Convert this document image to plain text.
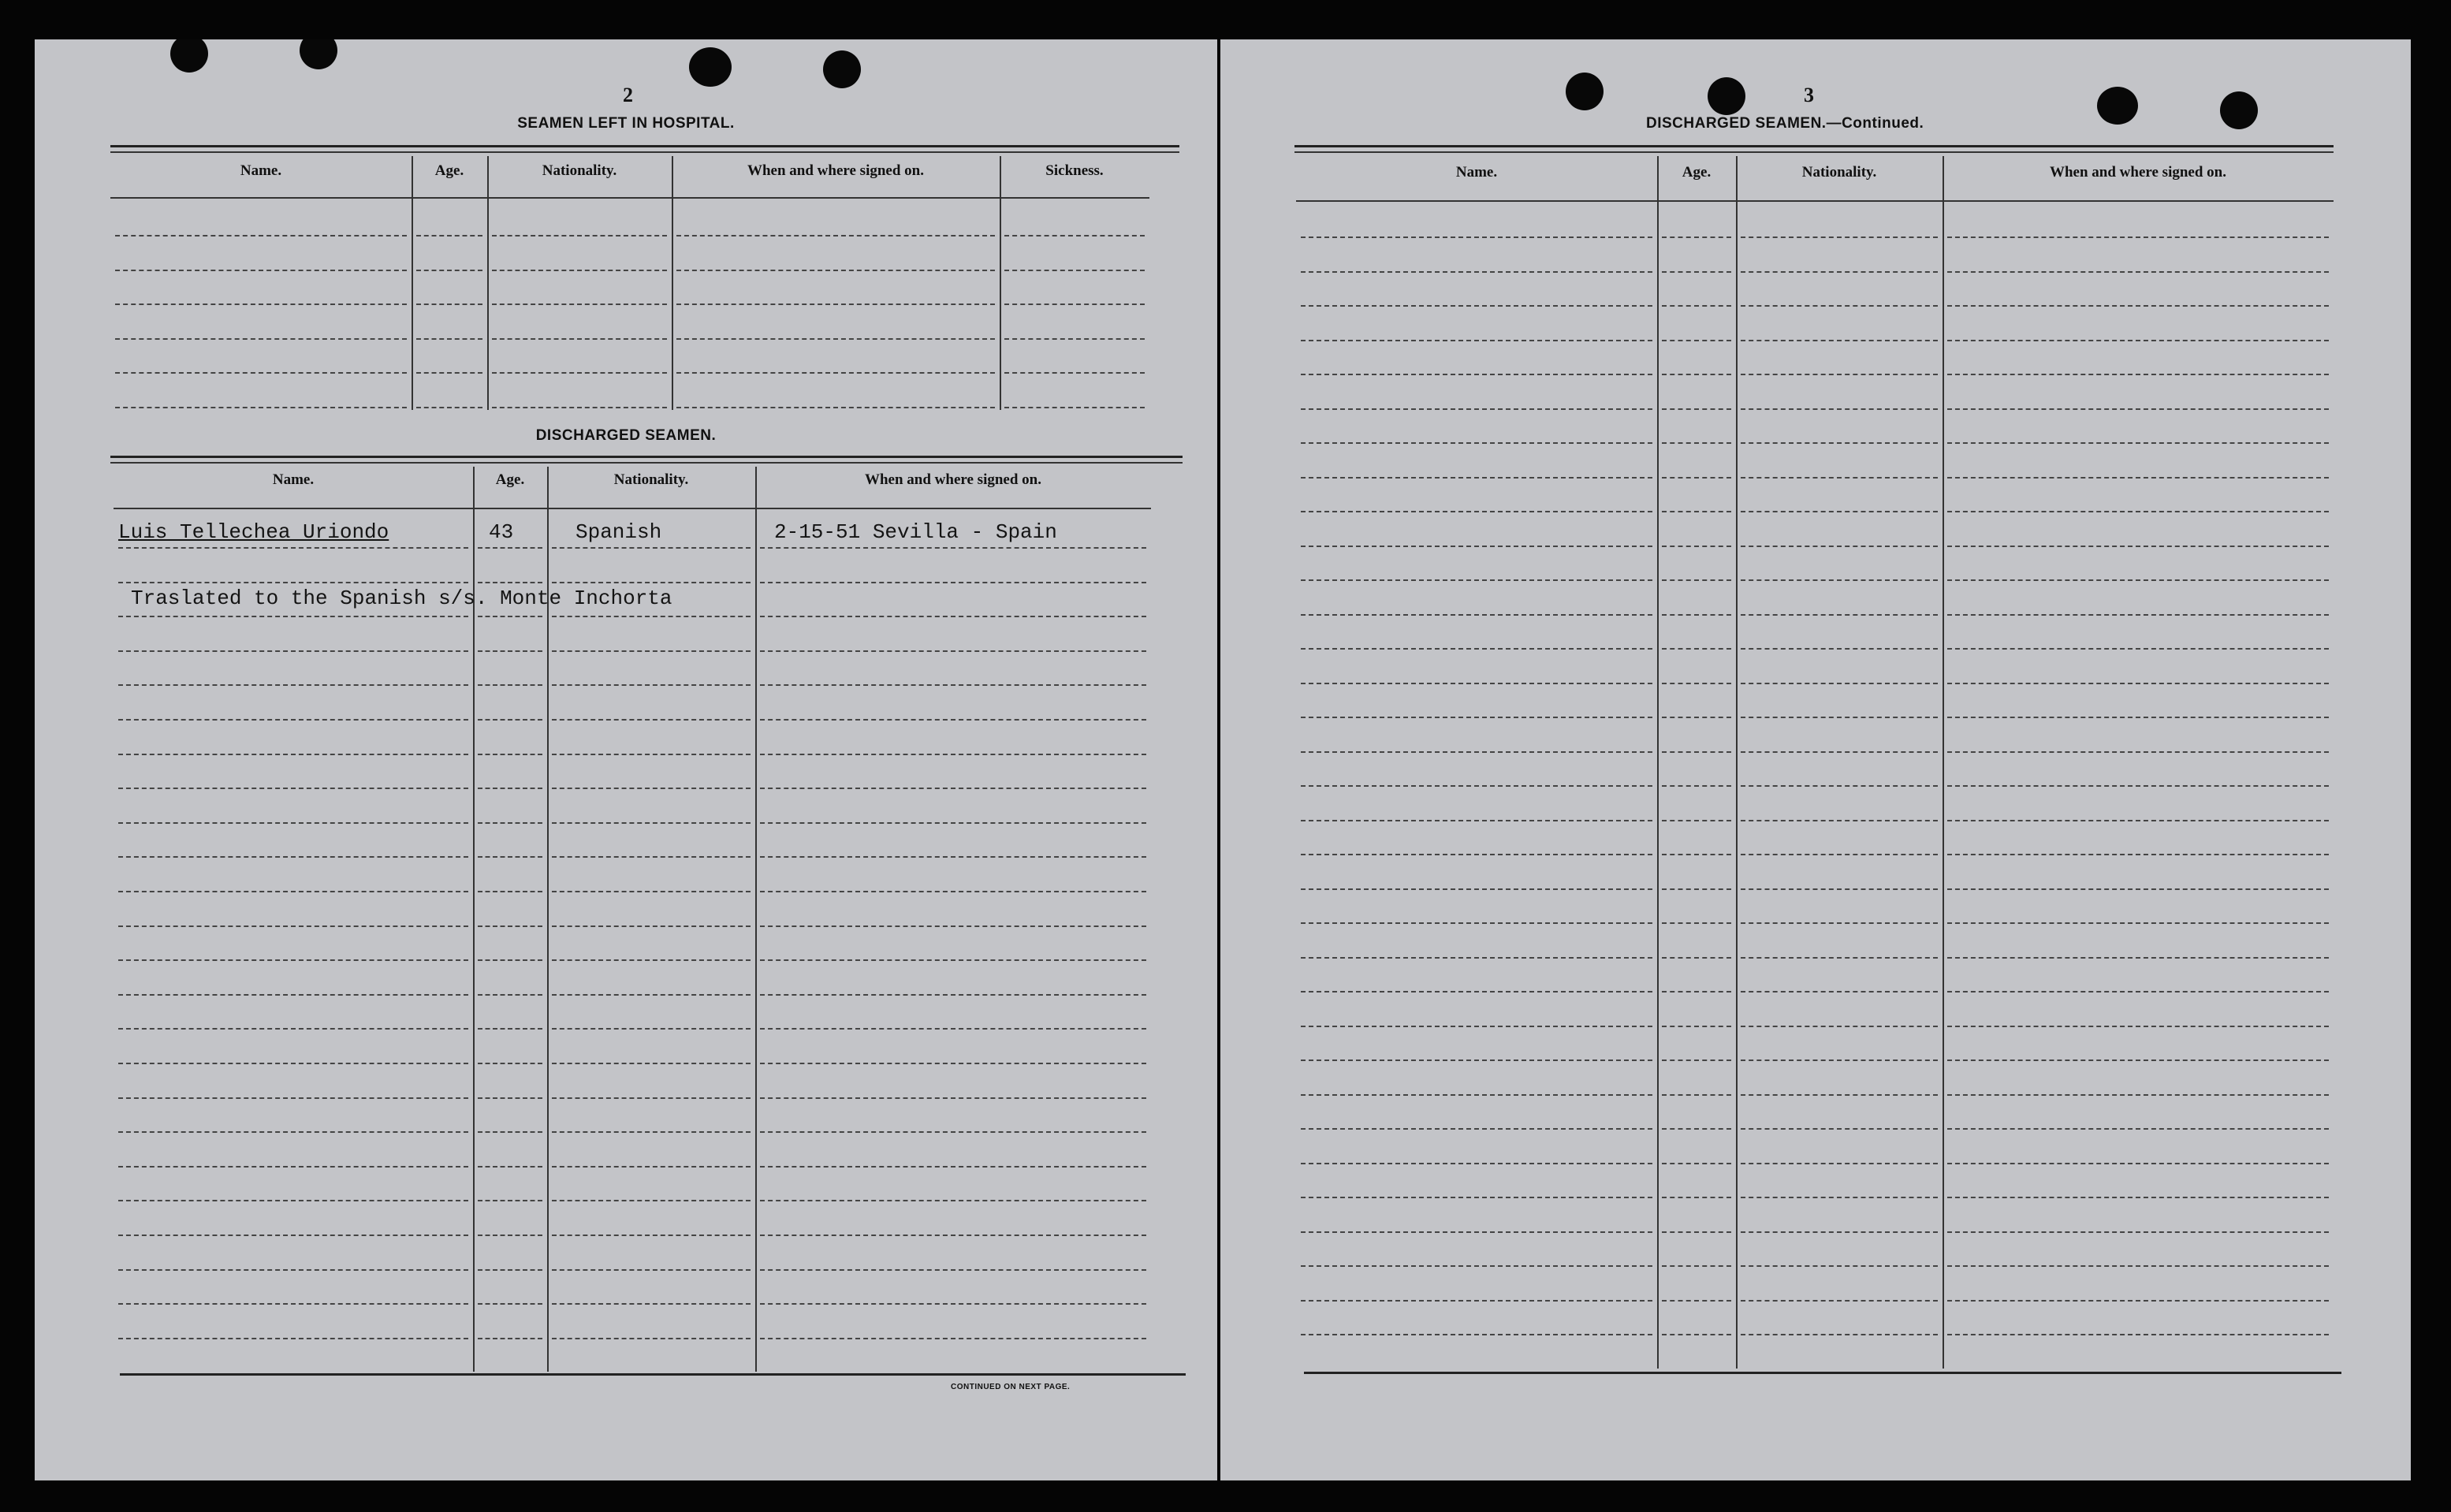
2
SEAMEN LEFT IN HOSPITAL.
Name.	Age.	Nationality.	When and where signed on.	Sickness.
DISCHARGED SEAMEN.
Name.	Age.	Nationality.	When and where signed on.
Luis Tellechea Uriondo	43	Spanish	2-15-51 Sevilla - Spain
Traslated to the Spanish s/s. Monte Inchorta
CONTINUED ON NEXT PAGE.
3
DISCHARGED SEAMEN.—Continued.
Name.	Age.	Nationality.	When and where signed on.
